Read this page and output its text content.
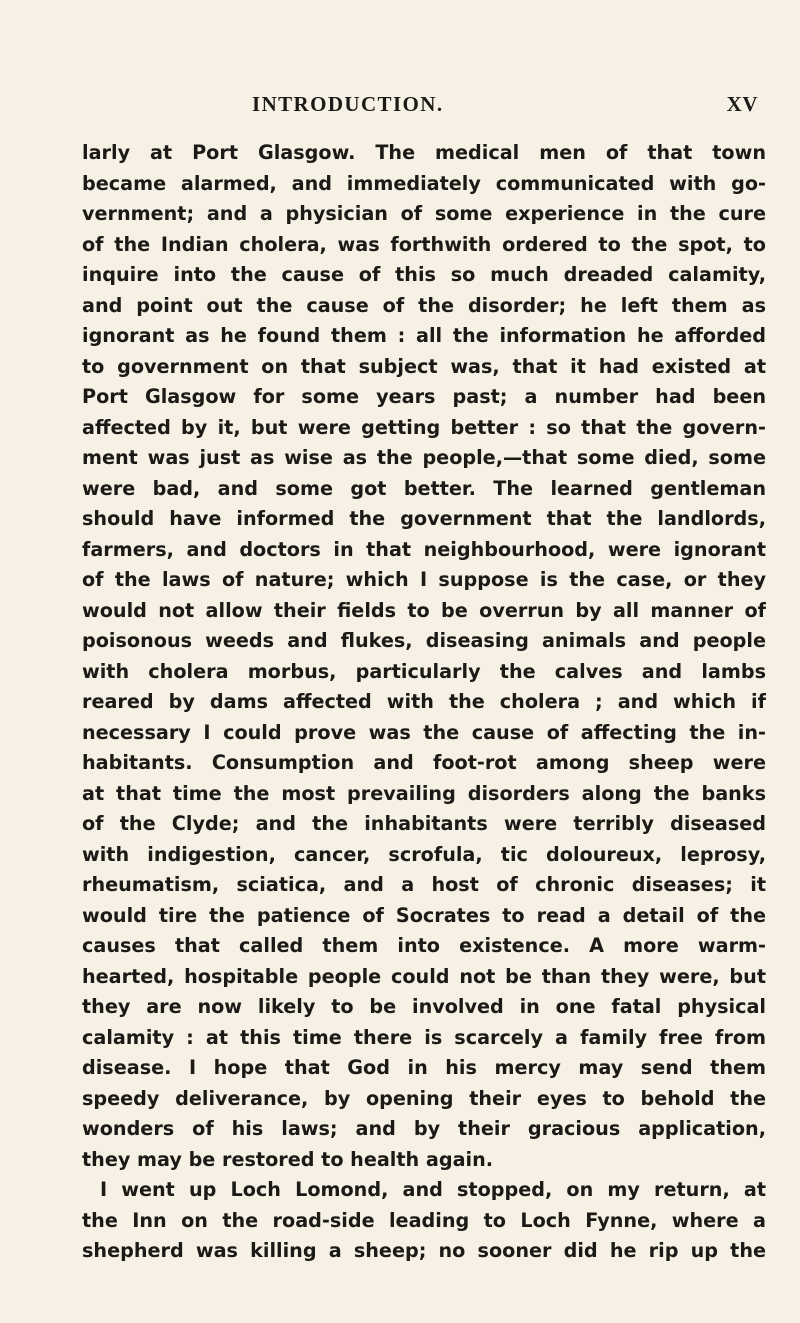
INTRODUCTION.	XV
larly at Port Glasgow. The medical men of that town
became alarmed, and immediately communicated with go-
vernment; and a physician of some experience in the cure
of the Indian cholera, was forthwith ordered to the spot, to
inquire into the cause of this so much dreaded calamity,
and point out the cause of the disorder; he left them as
ignorant as he found them : all the information he afforded
to government on that subject was, that it had existed at
Port Glasgow for some years past; a number had been
affected by it, but were getting better : so that the govern-
ment was just as wise as the people,—that some died, some
were bad, and some got better. The learned gentleman
should have informed the government that the landlords,
farmers, and doctors in that neighbourhood, were ignorant
of the laws of nature; which I suppose is the case, or they
would not allow their fields to be overrun by all manner of
poisonous weeds and flukes, diseasing animals and people
with cholera morbus, particularly the calves and lambs
reared by dams affected with the cholera ; and which if
necessary I could prove was the cause of affecting the in-
habitants. Consumption and foot-rot among sheep were
at that time the most prevailing disorders along the banks
of the Clyde; and the inhabitants were terribly diseased
with indigestion, cancer, scrofula, tic doloureux, leprosy,
rheumatism, sciatica, and a host of chronic diseases; it
would tire the patience of Socrates to read a detail of the
causes that called them into existence. A more warm-
hearted, hospitable people could not be than they were, but
they are now likely to be involved in one fatal physical
calamity : at this time there is scarcely a family free from
disease. I hope that God in his mercy may send them
speedy deliverance, by opening their eyes to behold the
wonders of his laws; and by their gracious application,
they may be restored to health again.
I went up Loch Lomond, and stopped, on my return, at
the Inn on the road-side leading to Loch Fynne, where a
shepherd was killing a sheep; no sooner did he rip up the
